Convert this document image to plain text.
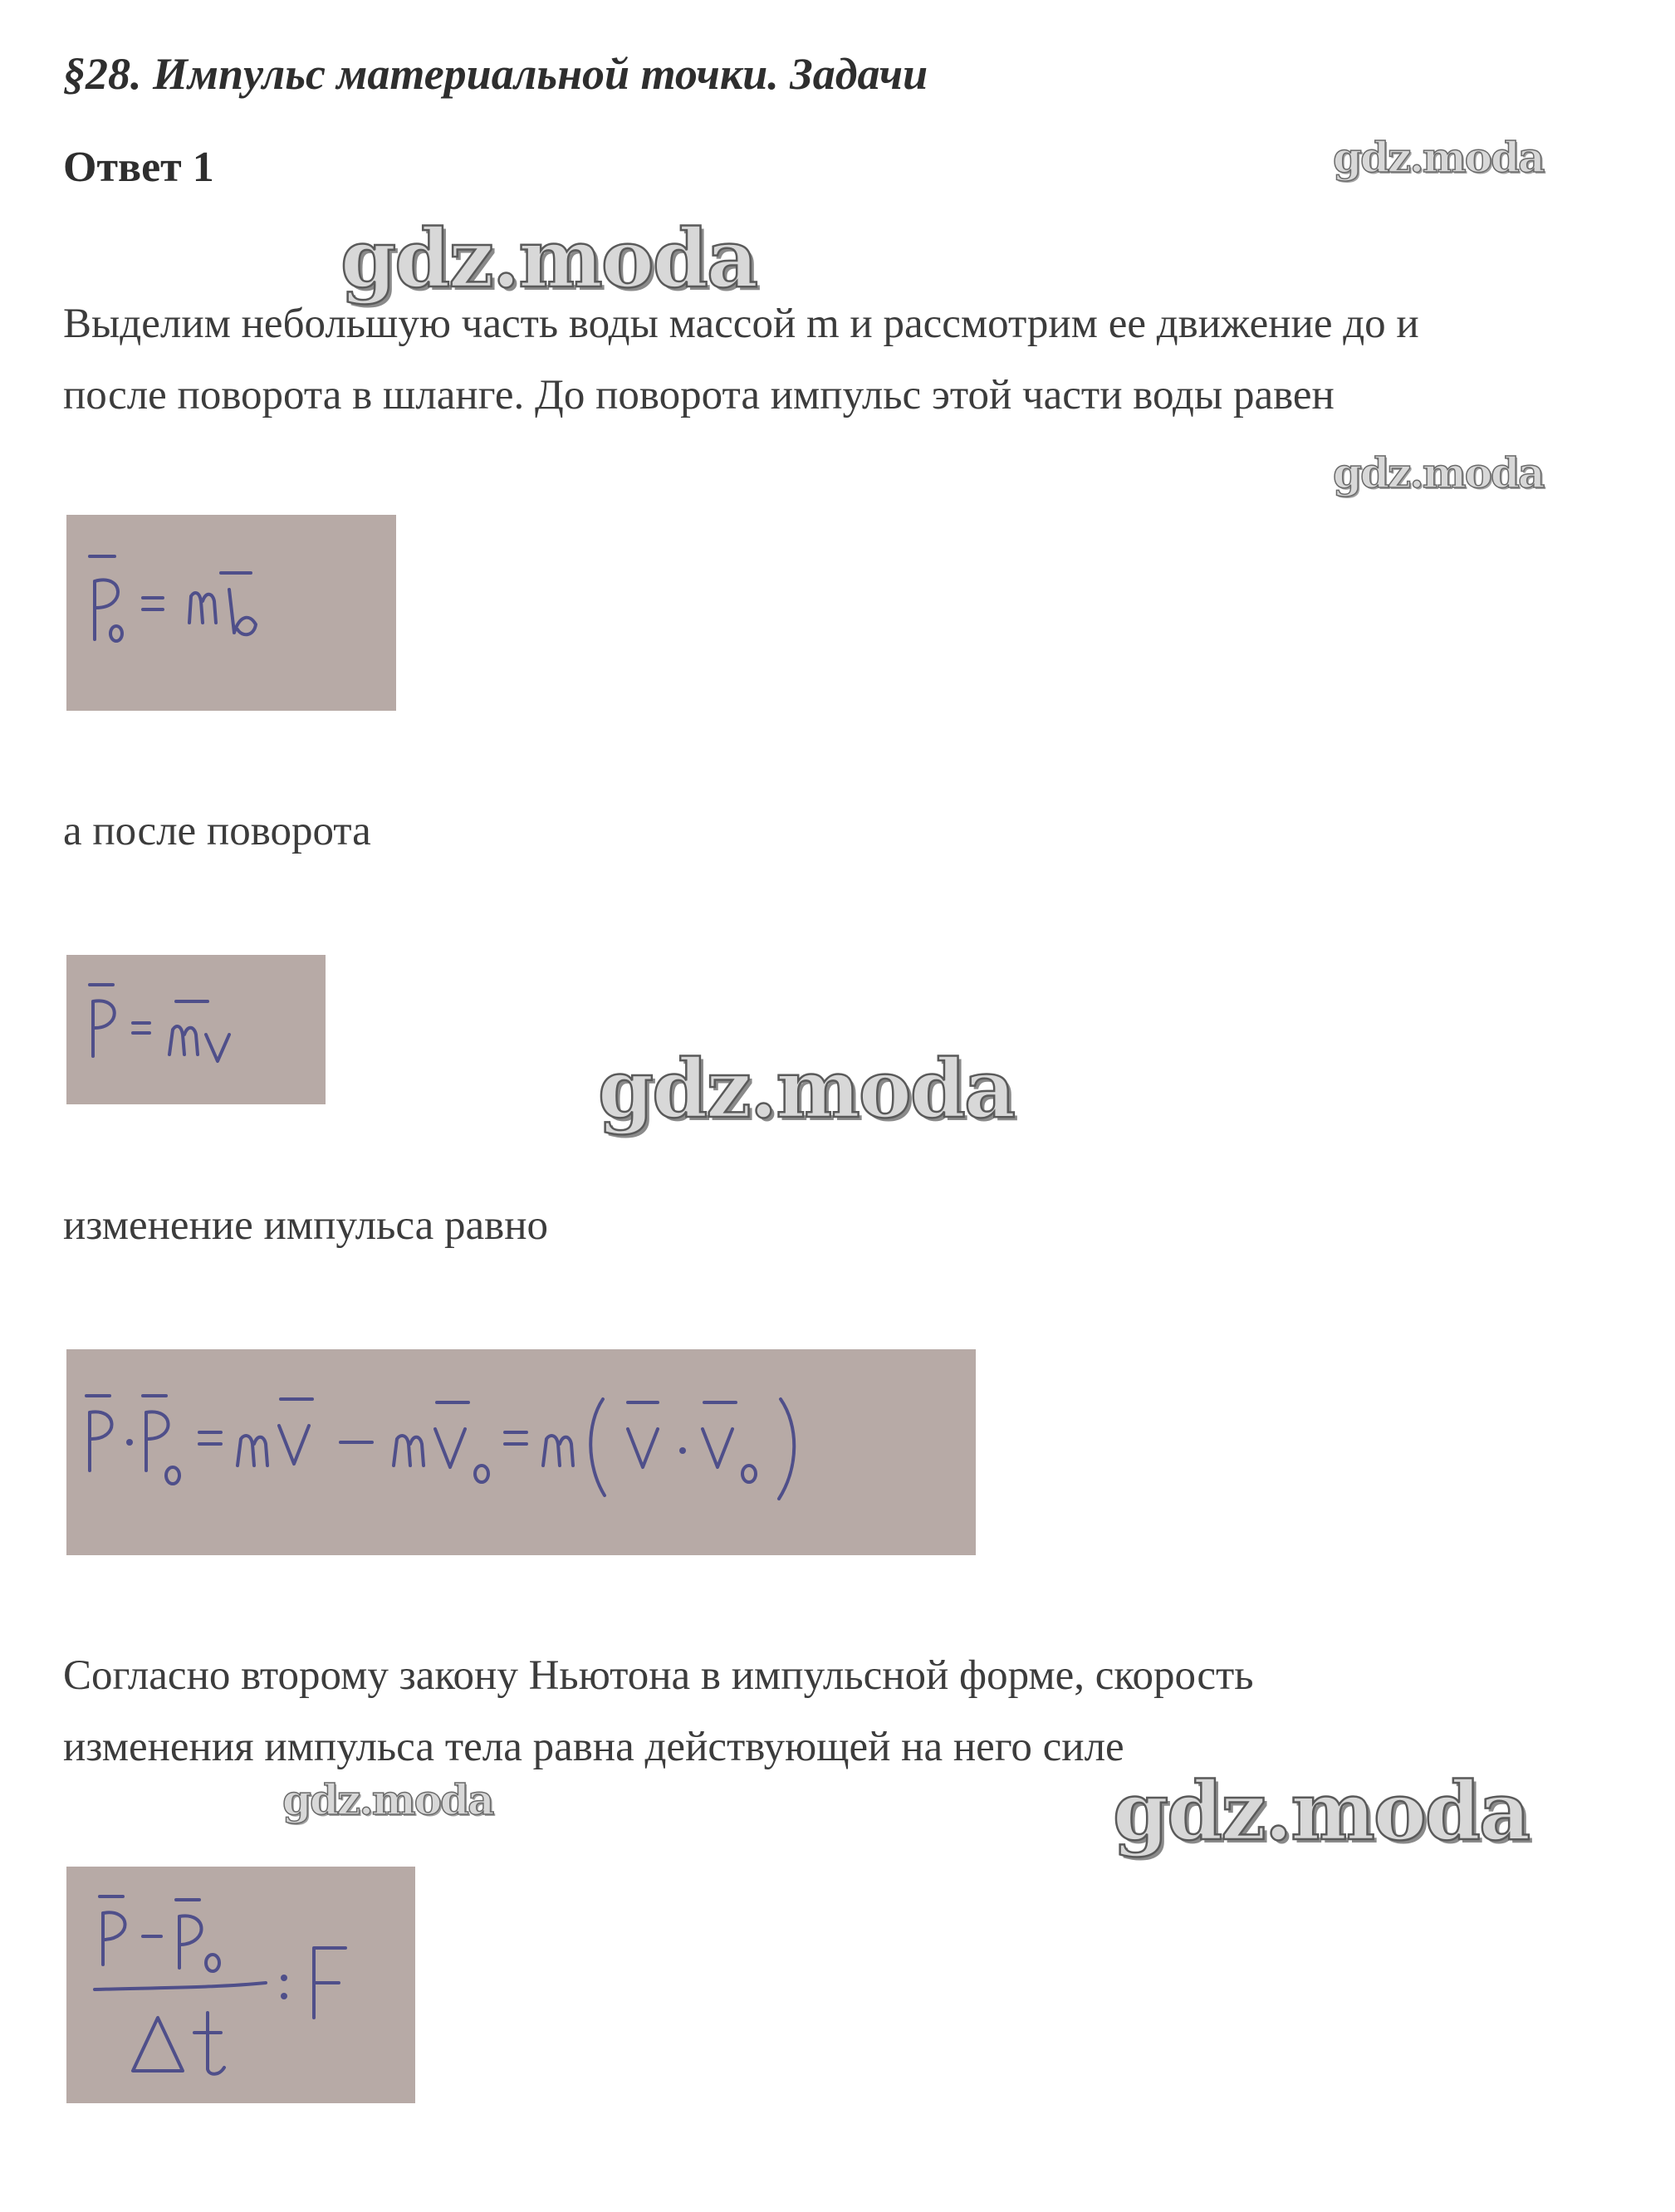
§28. Импульс материальной точки. Задачи
Ответ 1	gdz.moda
gdz.moda
gdz.moda
gdz.moda
gdz.moda	gdz.moda
Выделим небольшую часть воды массой m и рассмотрим ее движение до и
после поворота в шланге. До поворота импульс этой части воды равен
а после поворота
изменение импульса равно
Согласно второму закону Ньютона в импульсной форме, скорость
изменения импульса тела равна действующей на него силе
